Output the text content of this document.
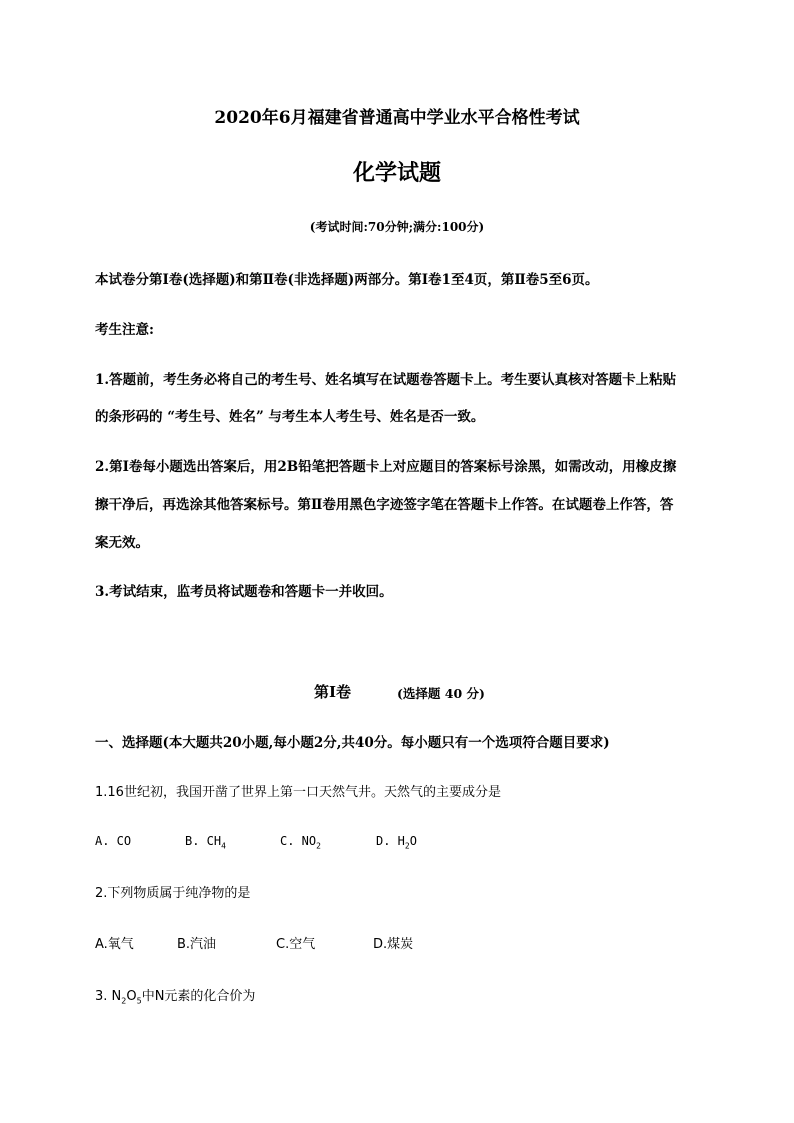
2020年6月福建省普通高中学业水平合格性考试
化学试题
(考试时间:70分钟;满分:100分)
本试卷分第Ⅰ卷(选择题)和第Ⅱ卷(非选择题)两部分。第Ⅰ卷1至4页，第Ⅱ卷5至6页。
考生注意:
1.答题前，考生务必将自己的考生号、姓名填写在试题卷答题卡上。考生要认真核对答题卡上粘贴
的条形码的 “考生号、姓名” 与考生本人考生号、姓名是否一致。
2.第Ⅰ卷每小题选出答案后，用2B铅笔把答题卡上对应题目的答案标号涂黑，如需改动，用橡皮擦
擦干净后，再选涂其他答案标号。第Ⅱ卷用黑色字迹签字笔在答题卡上作答。在试题卷上作答，答
案无效。
3.考试结束，监考员将试题卷和答题卡一并收回。
第Ⅰ卷	(选择题 40 分)
一、选择题(本大题共20小题,每小题2分,共40分。每小题只有一个选项符合题目要求)
1.16世纪初，我国开凿了世界上第一口天然气井。天然气的主要成分是
A. CO	B. $CH_4$	C. $NO_2$	D. $H_2O$
2.下列物质属于纯净物的是
A.氧气	B.汽油	C.空气	D.煤炭
3. $N_2O_5$中N元素的化合价为
